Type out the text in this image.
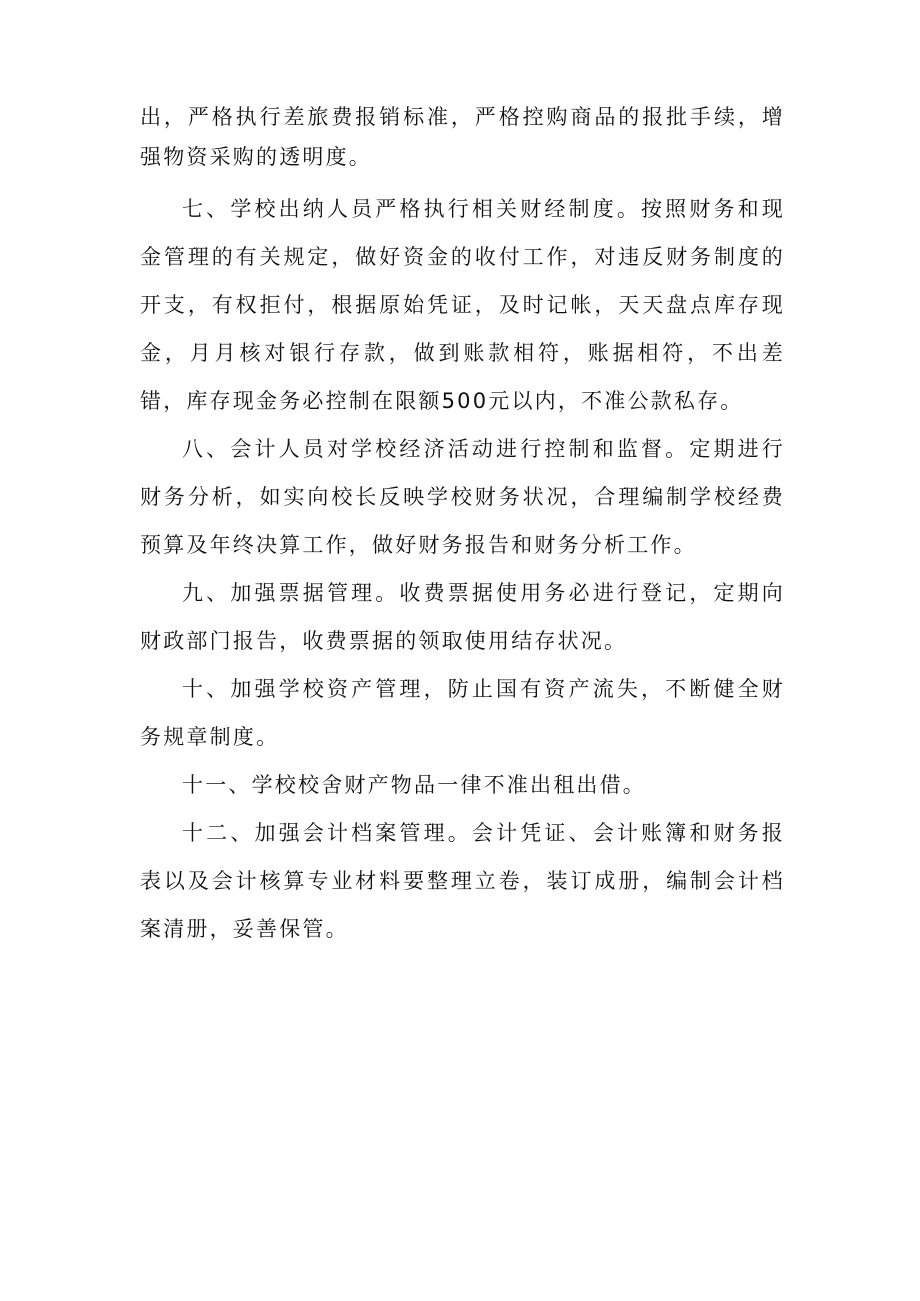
出，严格执行差旅费报销标准，严格控购商品的报批手续，增强物资采购的透明度。

七、学校出纳人员严格执行相关财经制度。按照财务和现金管理的有关规定，做好资金的收付工作，对违反财务制度的开支，有权拒付，根据原始凭证，及时记帐，天天盘点库存现金，月月核对银行存款，做到账款相符，账据相符，不出差错，库存现金务必控制在限额500元以内，不准公款私存。

八、会计人员对学校经济活动进行控制和监督。定期进行财务分析，如实向校长反映学校财务状况，合理编制学校经费预算及年终决算工作，做好财务报告和财务分析工作。

九、加强票据管理。收费票据使用务必进行登记，定期向财政部门报告，收费票据的领取使用结存状况。

十、加强学校资产管理，防止国有资产流失，不断健全财务规章制度。

十一、学校校舍财产物品一律不准出租出借。

十二、加强会计档案管理。会计凭证、会计账簿和财务报表以及会计核算专业材料要整理立卷，装订成册，编制会计档案清册，妥善保管。
